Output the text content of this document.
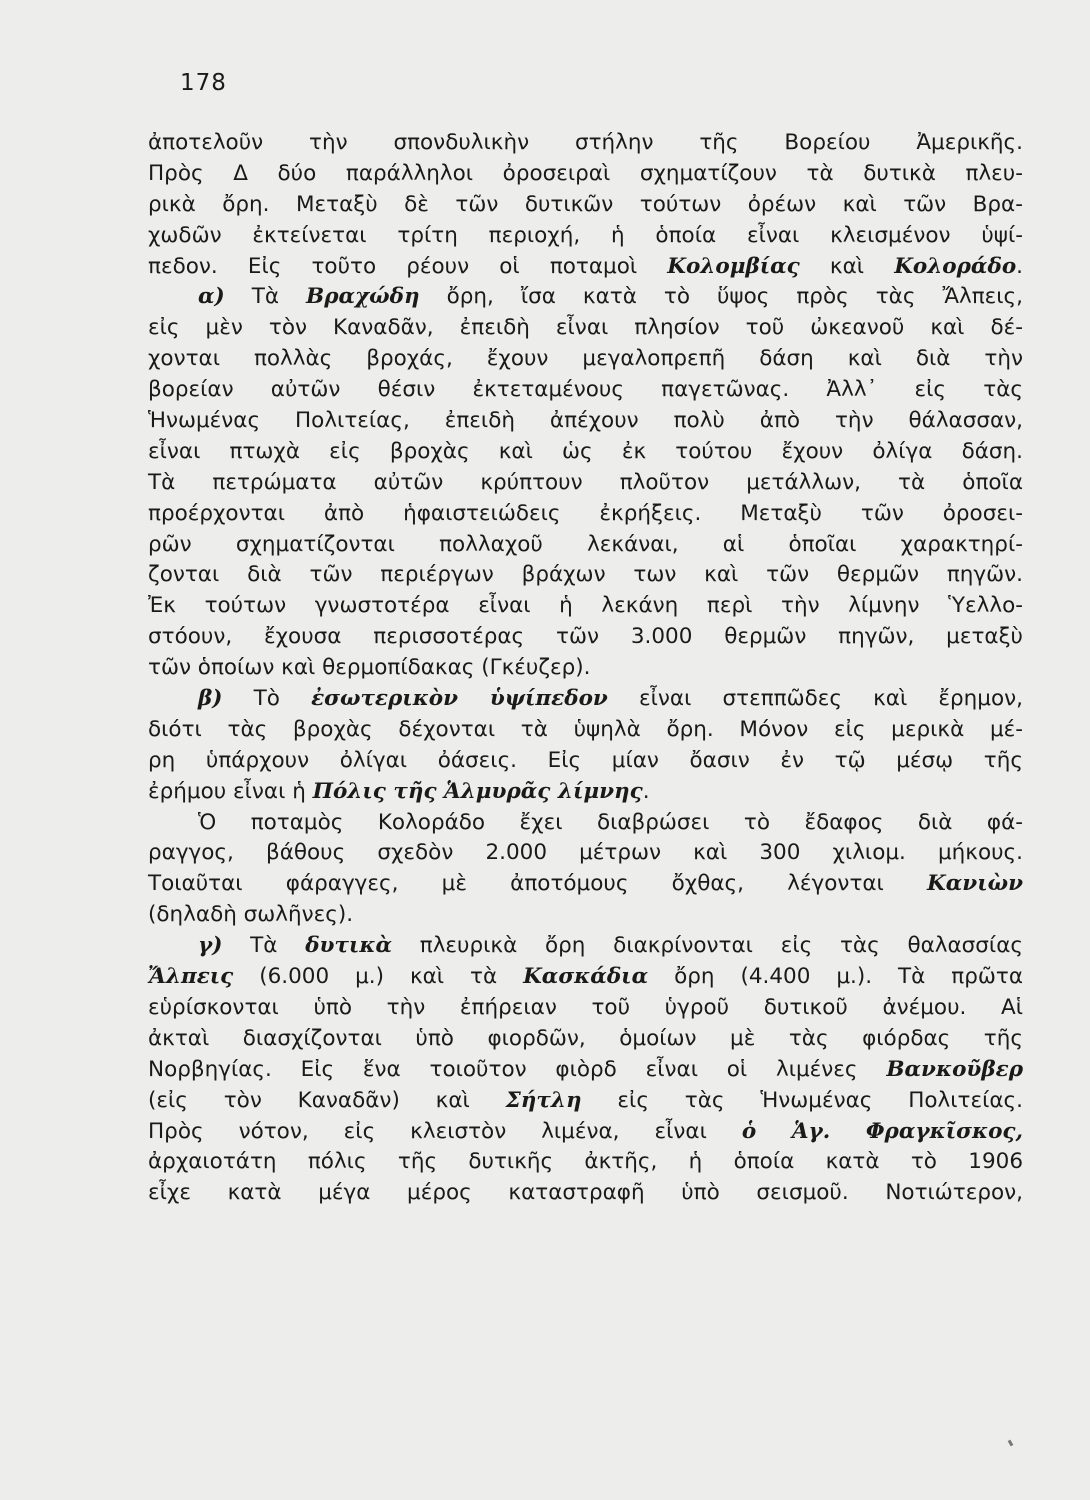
178
ἀποτελοῦν τὴν σπονδυλικὴν στήλην τῆς Βορείου Ἀμερικῆς.
Πρὸς Δ δύο παράλληλοι ὀροσειραὶ σχηματίζουν τὰ δυτικὰ πλευ-
ρικὰ ὄρη. Μεταξὺ δὲ τῶν δυτικῶν τούτων ὀρέων καὶ τῶν Βρα-
χωδῶν ἐκτείνεται τρίτη περιοχή, ἡ ὁποία εἶναι κλεισμένον ὑψί-
πεδον. Εἰς τοῦτο ρέουν οἱ ποταμοὶ Κολομβίας καὶ Κολοράδο.
α) Τὰ Βραχώδη ὄρη, ἴσα κατὰ τὸ ὕψος πρὸς τὰς Ἄλπεις,
εἰς μὲν τὸν Καναδᾶν, ἐπειδὴ εἶναι πλησίον τοῦ ὠκεανοῦ καὶ δέ-
χονται πολλὰς βροχάς, ἔχουν μεγαλοπρεπῆ δάση καὶ διὰ τὴν
βορείαν αὐτῶν θέσιν ἐκτεταμένους παγετῶνας. Ἀλλ᾽ εἰς τὰς
Ἡνωμένας Πολιτείας, ἐπειδὴ ἀπέχουν πολὺ ἀπὸ τὴν θάλασσαν,
εἶναι πτωχὰ εἰς βροχὰς καὶ ὡς ἐκ τούτου ἔχουν ὀλίγα δάση.
Τὰ πετρώματα αὐτῶν κρύπτουν πλοῦτον μετάλλων, τὰ ὁποῖα
προέρχονται ἀπὸ ἡφαιστειώδεις ἐκρήξεις. Μεταξὺ τῶν ὀροσει-
ρῶν σχηματίζονται πολλαχοῦ λεκάναι, αἱ ὁποῖαι χαρακτηρί-
ζονται διὰ τῶν περιέργων βράχων των καὶ τῶν θερμῶν πηγῶν.
Ἐκ τούτων γνωστοτέρα εἶναι ἡ λεκάνη περὶ τὴν λίμνην Ὑελλο-
στόουν, ἔχουσα περισσοτέρας τῶν 3.000 θερμῶν πηγῶν, μεταξὺ
τῶν ὁποίων καὶ θερμοπίδακας (Γκέυζερ).
β) Τὸ ἐσωτερικὸν ὑψίπεδον εἶναι στεππῶδες καὶ ἔρημον,
διότι τὰς βροχὰς δέχονται τὰ ὑψηλὰ ὄρη. Μόνον εἰς μερικὰ μέ-
ρη ὑπάρχουν ὀλίγαι ὀάσεις. Εἰς μίαν ὄασιν ἐν τῷ μέσῳ τῆς
ἐρήμου εἶναι ἡ Πόλις τῆς Ἁλμυρᾶς λίμνης.
Ὁ ποταμὸς Κολοράδο ἔχει διαβρώσει τὸ ἔδαφος διὰ φά-
ραγγος, βάθους σχεδὸν 2.000 μέτρων καὶ 300 χιλιομ. μήκους.
Τοιαῦται φάραγγες, μὲ ἀποτόμους ὄχθας, λέγονται Κανιὼν
(δηλαδὴ σωλῆνες).
γ) Τὰ δυτικὰ πλευρικὰ ὄρη διακρίνονται εἰς τὰς θαλασσίας
Ἄλπεις (6.000 μ.) καὶ τὰ Κασκάδια ὄρη (4.400 μ.). Τὰ πρῶτα
εὑρίσκονται ὑπὸ τὴν ἐπήρειαν τοῦ ὑγροῦ δυτικοῦ ἀνέμου. Αἱ
ἀκταὶ διασχίζονται ὑπὸ φιορδῶν, ὁμοίων μὲ τὰς φιόρδας τῆς
Νορβηγίας. Εἰς ἕνα τοιοῦτον φιὸρδ εἶναι οἱ λιμένες Βανκοῦβερ
(εἰς τὸν Καναδᾶν) καὶ Σήτλη εἰς τὰς Ἡνωμένας Πολιτείας.
Πρὸς νότον, εἰς κλειστὸν λιμένα, εἶναι ὁ Ἁγ. Φραγκῖσκος,
ἀρχαιοτάτη πόλις τῆς δυτικῆς ἀκτῆς, ἡ ὁποία κατὰ τὸ 1906
εἶχε κατὰ μέγα μέρος καταστραφῆ ὑπὸ σεισμοῦ. Νοτιώτερον,
